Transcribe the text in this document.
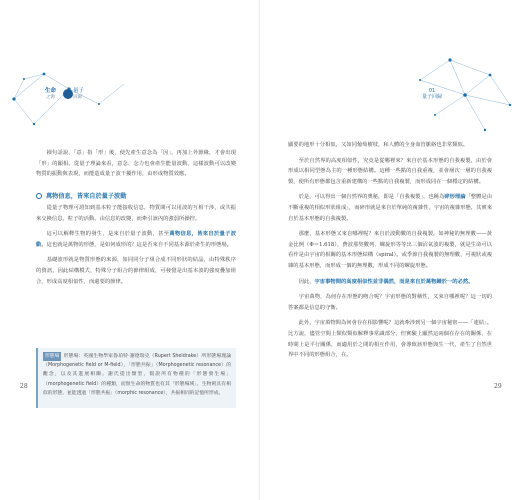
生命
之源
量子
回歸

撿句話說，「意」指「形」後，使先產生意念為「因」，再加上外節緣，才會出現「形」的顯相。從量子理論來看，意念、念力也會產生能量波動，這樣波動可以改變物質的振動與表現，而能造成量子波干擾作用，由形成物質效應。

萬物信息，皆來自於量子波動

從量子物理可證知到基本粒子能接收信息，物質間可以用波的互相干涉，或共振來交換信息，粒子的活動，由信息的改變，而牽引該內的強弱所操控。

這可以解釋生物的發生，是來自於量子波動，甚至萬物信息，皆來自於量子波動。這也就是萬物的形態，是如何成形的？這是否來自不同基本源於產生的形態場。

基礎波形就是物質形態的來源，如同同分子組合成不同形狀的結晶，由特殊秩序的資訊，因此結構模式，特殊分子組合的節律組成，可發覺是出基本波的強度疊加組合，形成高度相似性，而還要的節律。

形態場 形態場：英國生物學家魯珀特·謝德瑞克（Rupert Sheldrake）所形態場理論（Morphogenetic field or M-field），「形態共振」（Morphogenetic resonance）的觀念，以及其進展相關。謝氏提出類型，假說所有物種的「形態發生場」（morphogenetic field）的種類，而無生命的物質也有其「形態場域」，生物則具有相似的形態，並能透過「形態共振」（morphic resonance），共振相同的記憶所形成。
28
01
量子回歸

顯要的地形十分相似，又如同葡萄樹枝，和人體的全身血管脈絡也非常類似。

至於自然界的高度相似性，究竟是從哪裡來？來自於基本形態的自我複製，由於會形成以相同型態為主的一種形態結構。這種一些點的自我重複，並會層次一層的自我複製，使所有形態都包含重新建構的一些點的自我複製，而形成同在一個穩定的結構。

於是，可以得出一個自然界的奧秘，即是「自我複製」，也稱為碎形理論「整體是由不斷重複的相似形狀組成」，而碎形就是來自於單純的複雜性，宇宙的複雜形態，其實來自於基本形態的自我複製。

那麼，基本形態又來自哪裡呢？來自於波動數的自我複製，如神秘的無理數——黃金比例（Φ＝1.618），費波那契數列、螺旋形等等出三個沼氣波的複製，就是生命可以看作是由宇宙的相關的基本形態結構（spiral）。或季節自我複製的無理數，可視狀或複雜的基本形態，而形成一個的無理數，形成不同的螺旋形態。

因此，宇宙事物間的高度相似性並非偶然，而是來自於萬物歸於一的必然。

宇宙萬物，為何存在形態的吻合呢？宇宙形態的對稱性，又來自哪裡呢？這一切的答案都是信息的守衡。

此外，宇宙萬物間為何會存在相影響呢？這就牽涉到另一個宇宙秘密——「連結」。比方說，儘管空間上類似類似解釋事常識部分，但實驗上顯然這兩個在存在的關係，在時間上是平行關係，而適用於之間的相互作用，會導致該形態與生一代，產生了自然世界中不同的形態組合，在。

29
